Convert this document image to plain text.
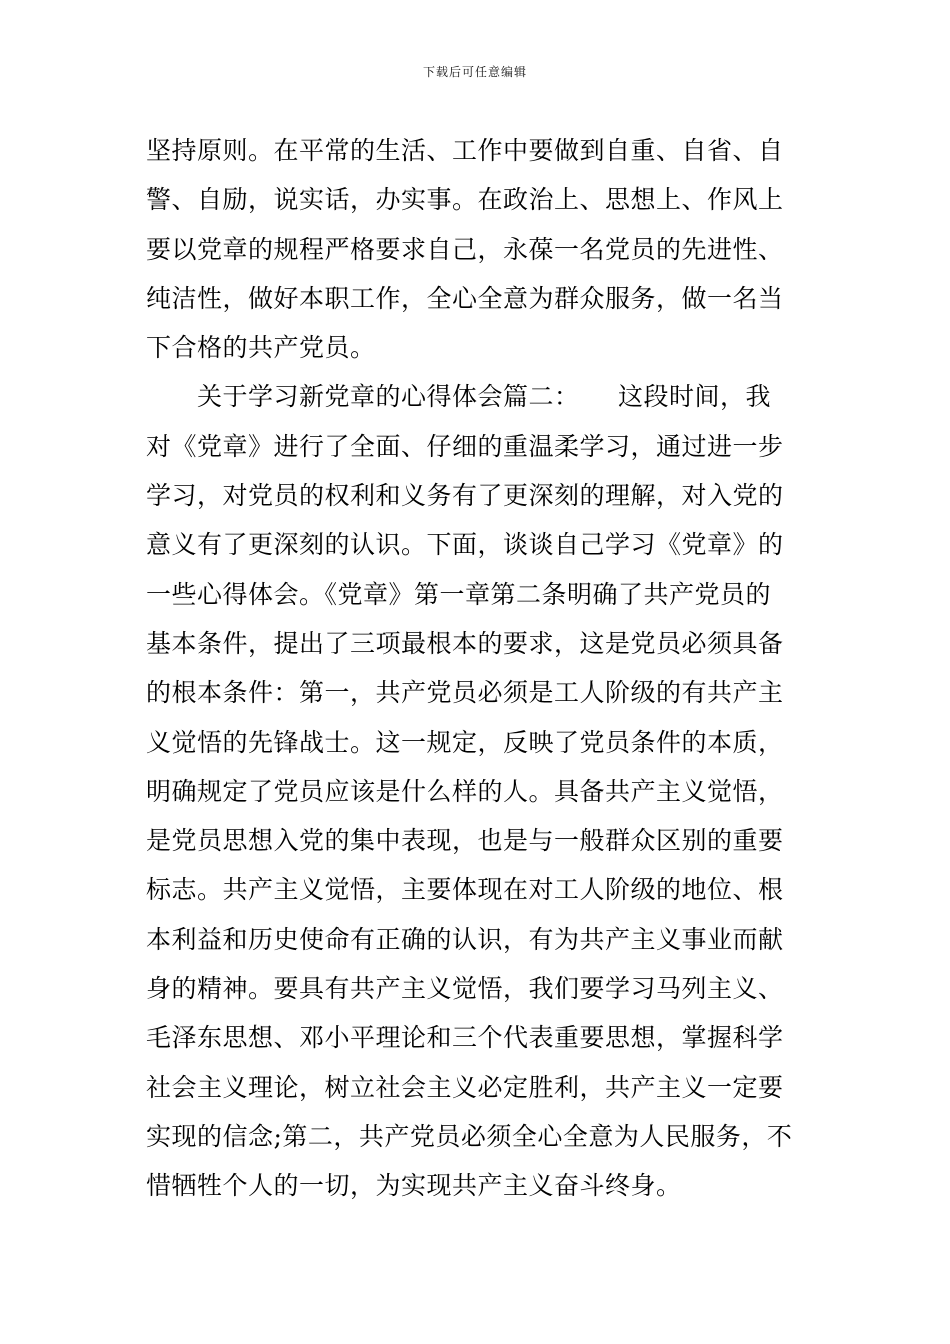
下载后可任意编辑
坚持原则。在平常的生活、工作中要做到自重、自省、自
警、自励，说实话，办实事。在政治上、思想上、作风上
要以党章的规程严格要求自己，永葆一名党员的先进性、
纯洁性，做好本职工作，全心全意为群众服务，做一名当
下合格的共产党员。
　　关于学习新党章的心得体会篇二：　　这段时间，我
对《党章》进行了全面、仔细的重温柔学习，通过进一步
学习，对党员的权利和义务有了更深刻的理解，对入党的
意义有了更深刻的认识。下面，谈谈自己学习《党章》的
一些心得体会。《党章》第一章第二条明确了共产党员的
基本条件，提出了三项最根本的要求，这是党员必须具备
的根本条件：第一，共产党员必须是工人阶级的有共产主
义觉悟的先锋战士。这一规定，反映了党员条件的本质，
明确规定了党员应该是什么样的人。具备共产主义觉悟，
是党员思想入党的集中表现，也是与一般群众区别的重要
标志。共产主义觉悟，主要体现在对工人阶级的地位、根
本利益和历史使命有正确的认识，有为共产主义事业而献
身的精神。要具有共产主义觉悟，我们要学习马列主义、
毛泽东思想、邓小平理论和三个代表重要思想，掌握科学
社会主义理论，树立社会主义必定胜利，共产主义一定要
实现的信念;第二，共产党员必须全心全意为人民服务，不
惜牺牲个人的一切，为实现共产主义奋斗终身。
